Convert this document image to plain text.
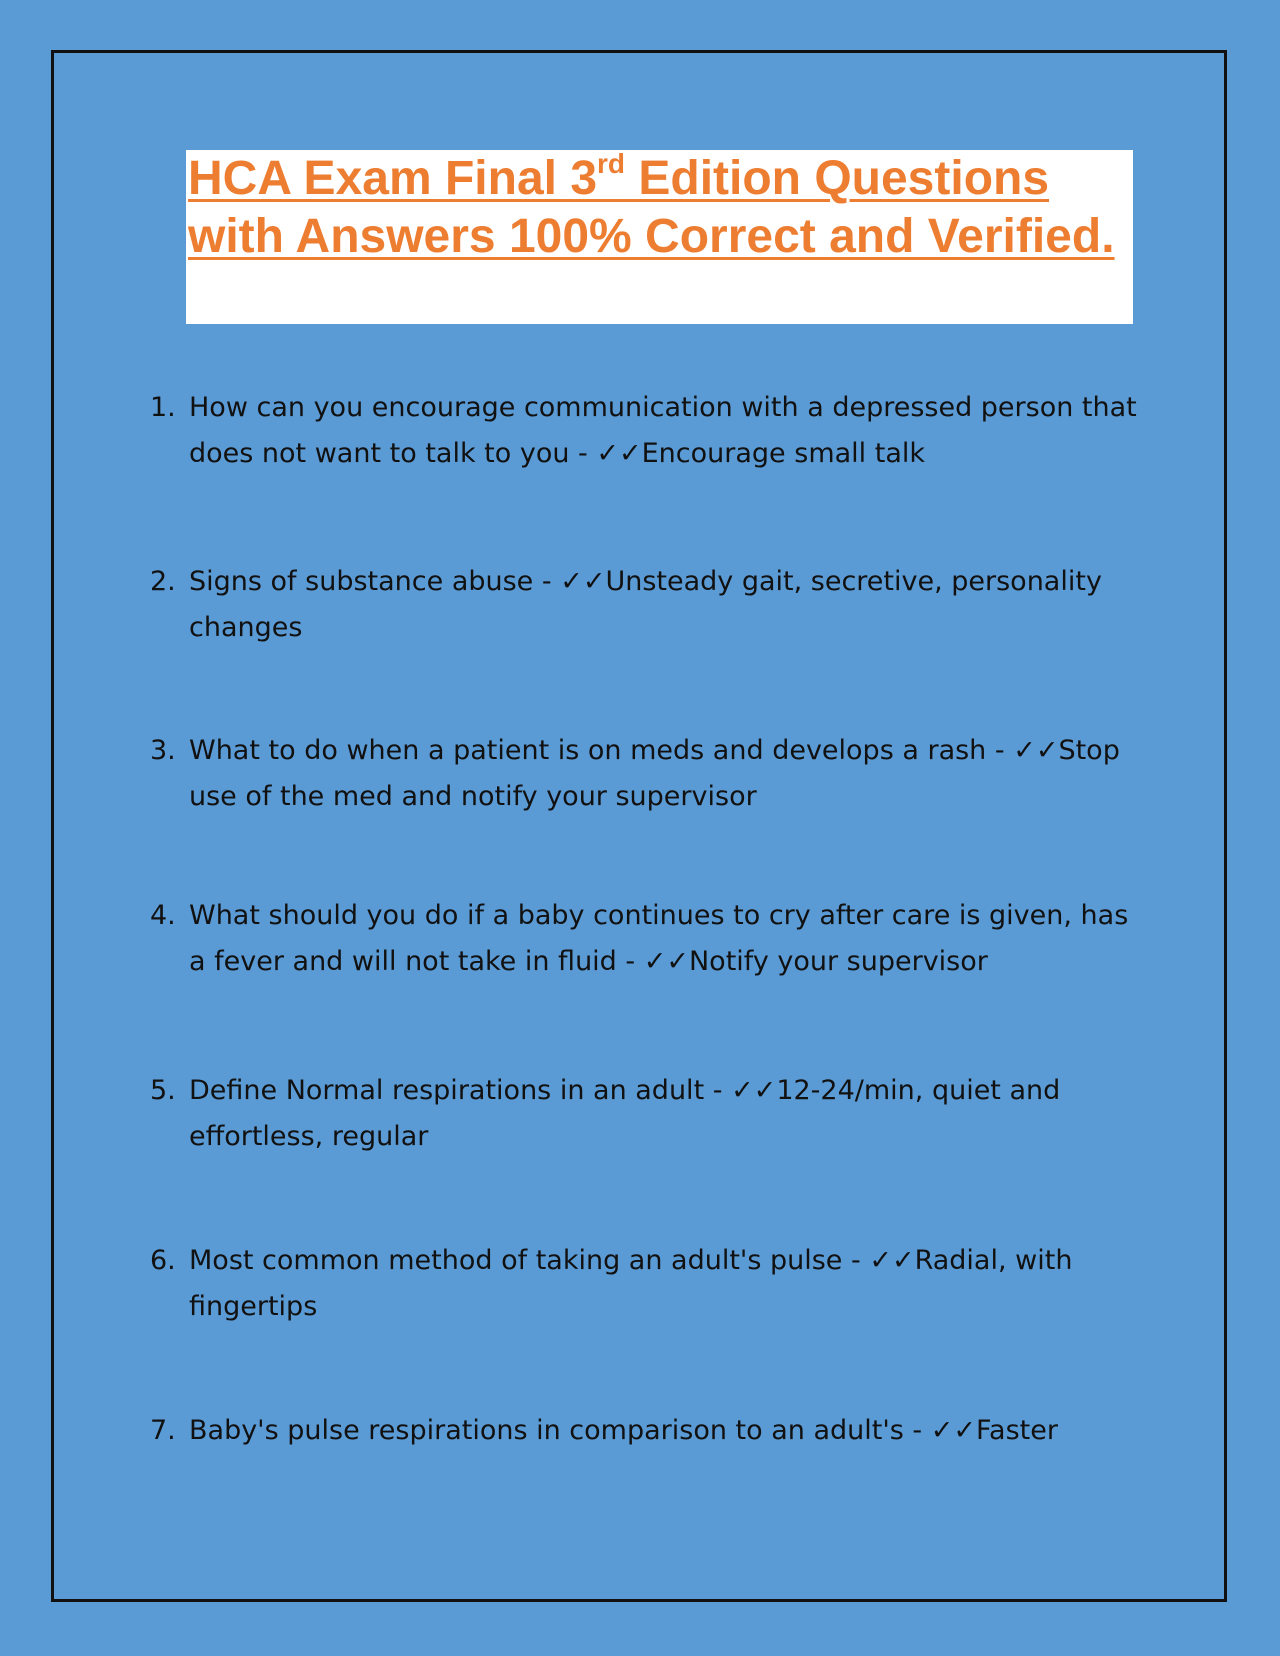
HCA Exam Final 3rd Edition Questions with Answers 100% Correct and Verified.
1. How can you encourage communication with a depressed person that does not want to talk to you - ✓✓Encourage small talk
2. Signs of substance abuse - ✓✓Unsteady gait, secretive, personality changes
3. What to do when a patient is on meds and develops a rash - ✓✓Stop use of the med and notify your supervisor
4. What should you do if a baby continues to cry after care is given, has a fever and will not take in fluid - ✓✓Notify your supervisor
5. Define Normal respirations in an adult - ✓✓12-24/min, quiet and effortless, regular
6. Most common method of taking an adult's pulse - ✓✓Radial, with fingertips
7. Baby's pulse respirations in comparison to an adult's - ✓✓Faster
